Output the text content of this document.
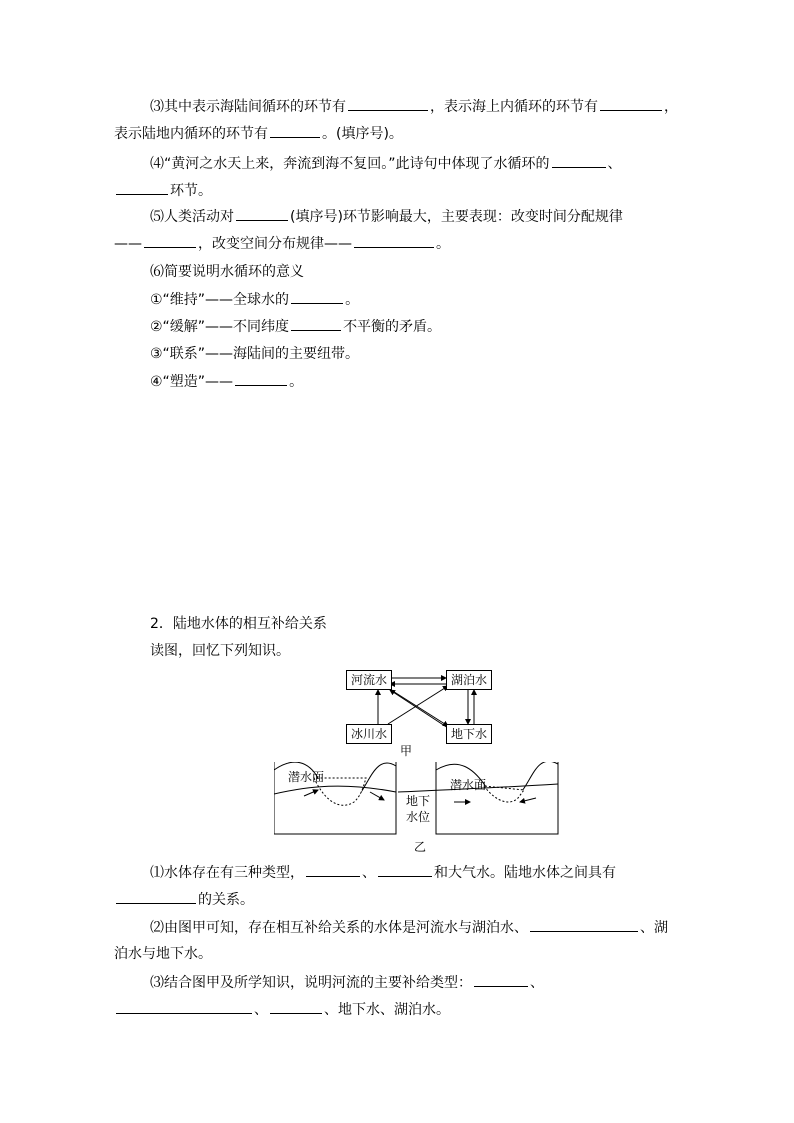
⑶其中表示海陆间循环的环节有	，表示海上内循环的环节有	，
表示陆地内循环的环节有	。(填序号)。
⑷“黄河之水天上来，奔流到海不复回。”此诗句中体现了水循环的	、
环节。
⑸人类活动对	(填序号)环节影响最大，主要表现：改变时间分配规律
——	，改变空间分布规律——	。
⑹简要说明水循环的意义
①“维持”——全球水的	。
②“缓解”——不同纬度	不平衡的矛盾。
③“联系”——海陆间的主要纽带。
④“塑造”——	。
2．陆地水体的相互补给关系
读图，回忆下列知识。
河流水	湖泊水
冰川水	地下水
甲
潜水面
潜水面
地下
水位
乙
⑴水体存在有三种类型，	、	和大气水。陆地水体之间具有
的关系。
⑵由图甲可知，存在相互补给关系的水体是河流水与湖泊水、	、湖
泊水与地下水。
⑶结合图甲及所学知识，说明河流的主要补给类型：	、
、	、地下水、湖泊水。
